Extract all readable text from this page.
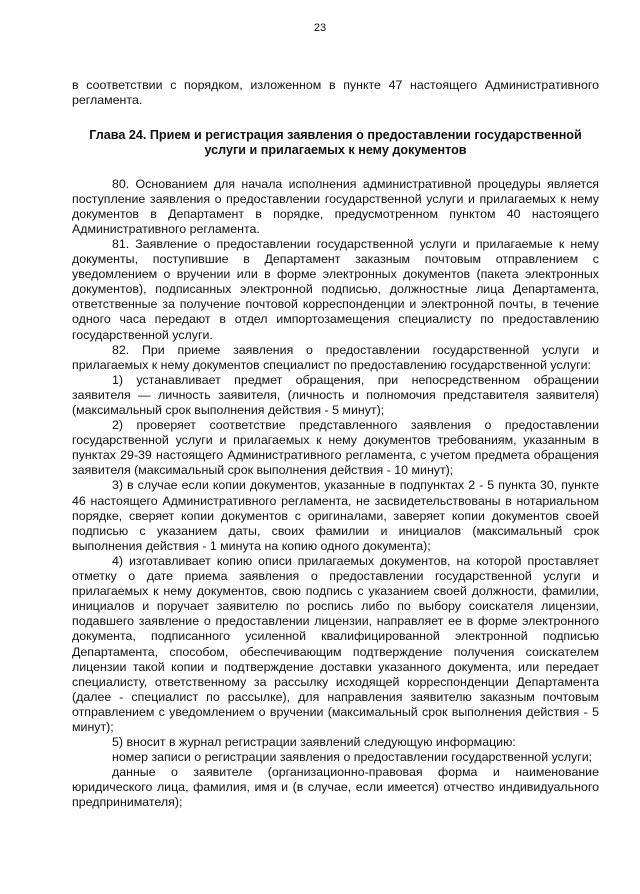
23

в соответствии с порядком, изложенном в пункте 47 настоящего Административного регламента.

Глава 24. Прием и регистрация заявления о предоставлении государственной услуги и прилагаемых к нему документов

80. Основанием для начала исполнения административной процедуры является поступление заявления о предоставлении государственной услуги и прилагаемых к нему документов в Департамент в порядке, предусмотренном пунктом 40 настоящего Административного регламента.

81. Заявление о предоставлении государственной услуги и прилагаемые к нему документы, поступившие в Департамент заказным почтовым отправлением с уведомлением о вручении или в форме электронных документов (пакета электронных документов), подписанных электронной подписью, должностные лица Департамента, ответственные за получение почтовой корреспонденции и электронной почты, в течение одного часа передают в отдел импортозамещения специалисту по предоставлению государственной услуги.

82. При приеме заявления о предоставлении государственной услуги и прилагаемых к нему документов специалист по предоставлению государственной услуги:

1) устанавливает предмет обращения, при непосредственном обращении заявителя — личность заявителя, (личность и полномочия представителя заявителя) (максимальный срок выполнения действия - 5 минут);

2) проверяет соответствие представленного заявления о предоставлении государственной услуги и прилагаемых к нему документов требованиям, указанным в пунктах 29-39 настоящего Административного регламента, с учетом предмета обращения заявителя (максимальный срок выполнения действия - 10 минут);

3) в случае если копии документов, указанные в подпунктах 2 - 5 пункта 30, пункте 46 настоящего Административного регламента, не засвидетельствованы в нотариальном порядке, сверяет копии документов с оригиналами, заверяет копии документов своей подписью с указанием даты, своих фамилии и инициалов (максимальный срок выполнения действия - 1 минута на копию одного документа);

4) изготавливает копию описи прилагаемых документов, на которой проставляет отметку о дате приема заявления о предоставлении государственной услуги и прилагаемых к нему документов, свою подпись с указанием своей должности, фамилии, инициалов и поручает заявителю по роспись либо по выбору соискателя лицензии, подавшего заявление о предоставлении лицензии, направляет ее в форме электронного документа, подписанного усиленной квалифицированной электронной подписью Департамента, способом, обеспечивающим подтверждение получения соискателем лицензии такой копии и подтверждение доставки указанного документа, или передает специалисту, ответственному за рассылку исходящей корреспонденции Департамента (далее - специалист по рассылке), для направления заявителю заказным почтовым отправлением с уведомлением о вручении (максимальный срок выполнения действия - 5 минут);

5) вносит в журнал регистрации заявлений следующую информацию:

номер записи о регистрации заявления о предоставлении государственной услуги;

данные о заявителе (организационно-правовая форма и наименование юридического лица, фамилия, имя и (в случае, если имеется) отчество индивидуального предпринимателя);
